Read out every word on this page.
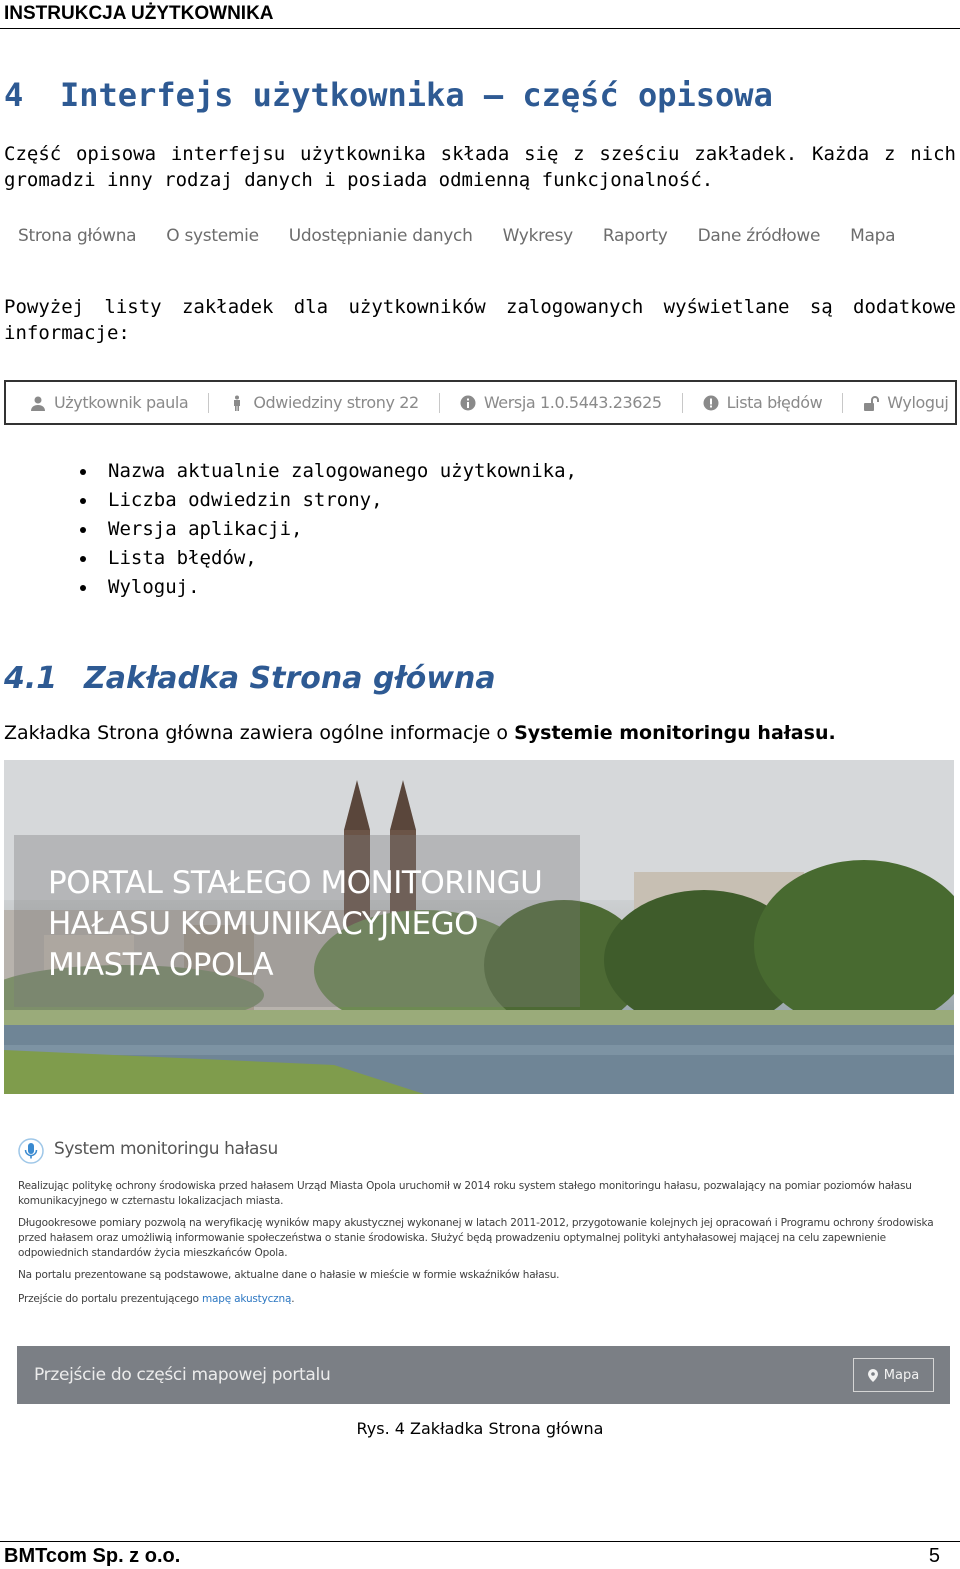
INSTRUKCJA UŻYTKOWNIKA
4 Interfejs użytkownika – część opisowa

Część opisowa interfejsu użytkownika składa się z sześciu zakładek. Każda z nich gromadzi inny rodzaj danych i posiada odmienną funkcjonalność.

Strona główna O systemie Udostępnianie danych Wykresy Raporty Dane źródłowe Mapa

Powyżej listy zakładek dla użytkowników zalogowanych wyświetlane są dodatkowe informacje:

Użytkownik paula	Odwiedziny strony 22	Wersja 1.0.5443.23625	Lista błędów	Wyloguj
Nazwa aktualnie zalogowanego użytkownika,
Liczba odwiedzin strony,
Wersja aplikacji,
Lista błędów,
Wyloguj.
4.1 Zakładka Strona główna

Zakładka Strona główna zawiera ogólne informacje o Systemie monitoringu hałasu.

PORTAL STAŁEGO MONITORINGU HAŁASU KOMUNIKACYJNEGO MIASTA OPOLA
System monitoringu hałasu

Realizując politykę ochrony środowiska przed hałasem Urząd Miasta Opola uruchomił w 2014 roku system stałego monitoringu hałasu, pozwalający na pomiar poziomów hałasu komunikacyjnego w czternastu lokalizacjach miasta.

Długookresowe pomiary pozwolą na weryfikację wyników mapy akustycznej wykonanej w latach 2011-2012, przygotowanie kolejnych jej opracowań i Programu ochrony środowiska przed hałasem oraz umożliwią informowanie społeczeństwa o stanie środowiska. Służyć będą prowadzeniu optymalnej polityki antyhałasowej mającej na celu zapewnienie odpowiednich standardów życia mieszkańców Opola.

Na portalu prezentowane są podstawowe, aktualne dane o hałasie w mieście w formie wskaźników hałasu.

Przejście do portalu prezentującego mapę akustyczną.

Przejście do części mapowej portalu	Mapa
Rys. 4 Zakładka Strona główna
BMTcom Sp. z o.o.	5
